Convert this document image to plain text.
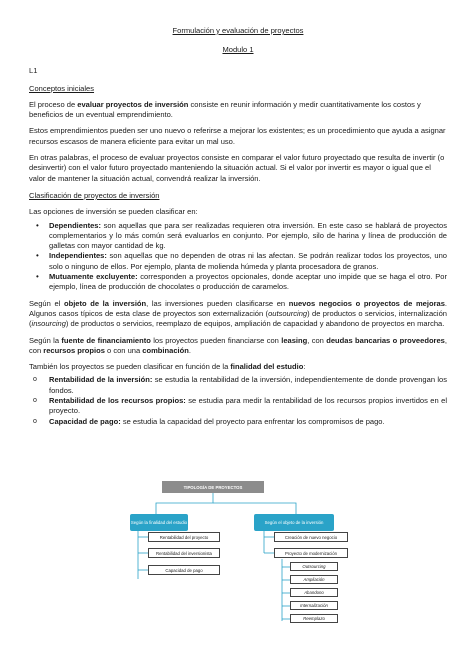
Formulación y evaluación de proyectos

Modulo 1

L1

Conceptos iniciales

El proceso de evaluar proyectos de inversión consiste en reunir información y medir cuantitativamente los costos y beneficios de un eventual emprendimiento.

Estos emprendimientos pueden ser uno nuevo o referirse a mejorar los existentes; es un procedimiento que ayuda a asignar recursos escasos de manera eficiente para evitar un mal uso.

En otras palabras, el proceso de evaluar proyectos consiste en comparar el valor futuro proyectado que resulta de invertir (o desinvertir) con el valor futuro proyectado manteniendo la situación actual. Si el valor por invertir es mayor o igual que el valor de mantener la situación actual, convendrá realizar la inversión.

Clasificación de proyectos de inversión

Las opciones de inversión se pueden clasificar en:

• Dependientes: son aquellas que para ser realizadas requieren otra inversión. En este caso se hablará de proyectos complementarios y lo más común será evaluarlos en conjunto. Por ejemplo, silo de harina y línea de producción de galletas con mayor cantidad de kg.
• Independientes: son aquellas que no dependen de otras ni las afectan. Se podrán realizar todos los proyectos, uno solo o ninguno de ellos. Por ejemplo, planta de molienda húmeda y planta procesadora de granos.
• Mutuamente excluyente: corresponden a proyectos opcionales, donde aceptar uno impide que se haga el otro. Por ejemplo, línea de producción de chocolates o producción de caramelos.

Según el objeto de la inversión, las inversiones pueden clasificarse en nuevos negocios o proyectos de mejoras. Algunos casos típicos de esta clase de proyectos son externalización (outsourcing) de productos o servicios, internalización (insourcing) de productos o servicios, reemplazo de equipos, ampliación de capacidad y abandono de proyectos en marcha.

Según la fuente de financiamiento los proyectos pueden financiarse con leasing, con deudas bancarias o proveedores, con recursos propios o con una combinación.

También los proyectos se pueden clasificar en función de la finalidad del estudio:

o Rentabilidad de la inversión: se estudia la rentabilidad de la inversión, independientemente de donde provengan los fondos.
o Rentabilidad de los recursos propios: se estudia para medir la rentabilidad de los recursos propios invertidos en el proyecto.
o Capacidad de pago: se estudia la capacidad del proyecto para enfrentar los compromisos de pago.
TIPOLOGÍA DE PROYECTOS
Según la finalidad del estudio	Según el objeto de la inversión
Rentabilidad del proyecto
Rentabilidad del inversionista
Capacidad de pago
Creación de nuevo negocio
Proyecto de modernización
Outsourcing
Ampliación
Abandono
Internalización
Reemplazo
